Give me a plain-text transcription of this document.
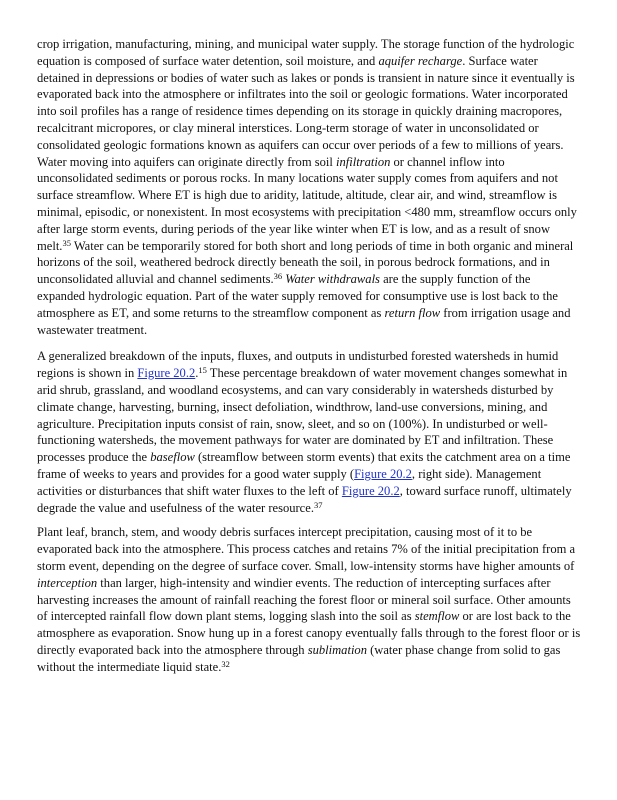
crop irrigation, manufacturing, mining, and municipal water supply. The storage function of the hydrologic equation is composed of surface water detention, soil moisture, and aquifer recharge. Surface water detained in depressions or bodies of water such as lakes or ponds is transient in nature since it eventually is evaporated back into the atmosphere or infiltrates into the soil or geologic formations. Water incorporated into soil profiles has a range of residence times depending on its storage in quickly draining macropores, recalcitrant micropores, or clay mineral interstices. Long-term storage of water in unconsolidated or consolidated geologic formations known as aquifers can occur over periods of a few to millions of years. Water moving into aquifers can originate directly from soil infiltration or channel inflow into unconsolidated sediments or porous rocks. In many locations water supply comes from aquifers and not surface streamflow. Where ET is high due to aridity, latitude, altitude, clear air, and wind, streamflow is minimal, episodic, or nonexistent. In most ecosystems with precipitation <480 mm, streamflow occurs only after large storm events, during periods of the year like winter when ET is low, and as a result of snow melt.$^{35}$ Water can be temporarily stored for both short and long periods of time in both organic and mineral horizons of the soil, weathered bedrock directly beneath the soil, in porous bedrock formations, and in unconsolidated alluvial and channel sediments.$^{36}$ Water withdrawals are the supply function of the expanded hydrologic equation. Part of the water supply removed for consumptive use is lost back to the atmosphere as ET, and some returns to the streamflow component as return flow from irrigation usage and wastewater treatment.

A generalized breakdown of the inputs, fluxes, and outputs in undisturbed forested watersheds in humid regions is shown in Figure 20.2.15 These percentage breakdown of water movement changes somewhat in arid shrub, grassland, and woodland ecosystems, and can vary considerably in watersheds disturbed by climate change, harvesting, burning, insect defoliation, windthrow, land-use conversions, mining, and agriculture. Precipitation inputs consist of rain, snow, sleet, and so on (100%). In undisturbed or well-functioning watersheds, the movement pathways for water are dominated by ET and infiltration. These processes produce the baseflow (streamflow between storm events) that exits the catchment area on a time frame of weeks to years and provides for a good water supply (Figure 20.2, right side). Management activities or disturbances that shift water fluxes to the left of Figure 20.2, toward surface runoff, ultimately degrade the value and usefulness of the water resource.$^{37}$

Plant leaf, branch, stem, and woody debris surfaces intercept precipitation, causing most of it to be evaporated back into the atmosphere. This process catches and retains 7% of the initial precipitation from a storm event, depending on the degree of surface cover. Small, low-intensity storms have higher amounts of interception than larger, high-intensity and windier events. The reduction of intercepting surfaces after harvesting increases the amount of rainfall reaching the forest floor or mineral soil surface. Other amounts of intercepted rainfall flow down plant stems, logging slash into the soil as stemflow or are lost back to the atmosphere as evaporation. Snow hung up in a forest canopy eventually falls through to the forest floor or is directly evaporated back into the atmosphere through sublimation (water phase change from solid to gas without the intermediate liquid state.$^{32}$
